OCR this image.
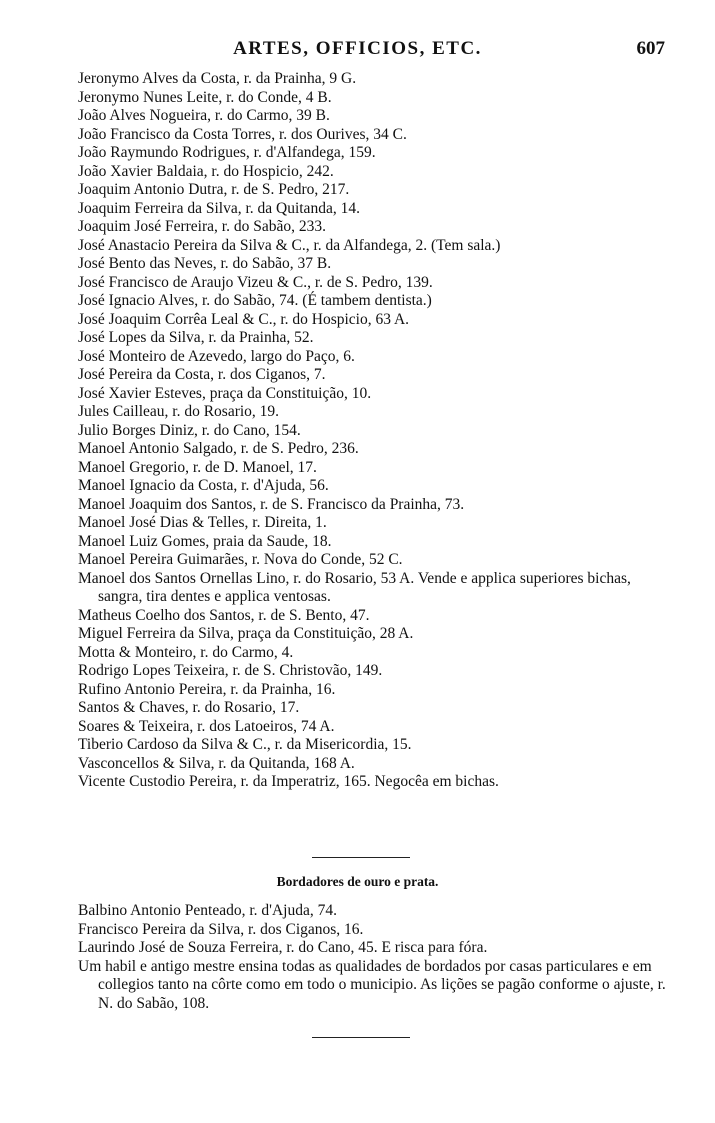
ARTES, OFFICIOS, ETC.	607
Jeronymo Alves da Costa, r. da Prainha, 9 G.
Jeronymo Nunes Leite, r. do Conde, 4 B.
João Alves Nogueira, r. do Carmo, 39 B.
João Francisco da Costa Torres, r. dos Ourives, 34 C.
João Raymundo Rodrigues, r. d'Alfandega, 159.
João Xavier Baldaia, r. do Hospicio, 242.
Joaquim Antonio Dutra, r. de S. Pedro, 217.
Joaquim Ferreira da Silva, r. da Quitanda, 14.
Joaquim José Ferreira, r. do Sabão, 233.
José Anastacio Pereira da Silva & C., r. da Alfandega, 2. (Tem sala.)
José Bento das Neves, r. do Sabão, 37 B.
José Francisco de Araujo Vizeu & C., r. de S. Pedro, 139.
José Ignacio Alves, r. do Sabão, 74. (É tambem dentista.)
José Joaquim Corrêa Leal & C., r. do Hospicio, 63 A.
José Lopes da Silva, r. da Prainha, 52.
José Monteiro de Azevedo, largo do Paço, 6.
José Pereira da Costa, r. dos Ciganos, 7.
José Xavier Esteves, praça da Constituição, 10.
Jules Cailleau, r. do Rosario, 19.
Julio Borges Diniz, r. do Cano, 154.
Manoel Antonio Salgado, r. de S. Pedro, 236.
Manoel Gregorio, r. de D. Manoel, 17.
Manoel Ignacio da Costa, r. d'Ajuda, 56.
Manoel Joaquim dos Santos, r. de S. Francisco da Prainha, 73.
Manoel José Dias & Telles, r. Direita, 1.
Manoel Luiz Gomes, praia da Saude, 18.
Manoel Pereira Guimarães, r. Nova do Conde, 52 C.
Manoel dos Santos Ornellas Lino, r. do Rosario, 53 A. Vende e applica superiores bichas, sangra, tira dentes e applica ventosas.
Matheus Coelho dos Santos, r. de S. Bento, 47.
Miguel Ferreira da Silva, praça da Constituição, 28 A.
Motta & Monteiro, r. do Carmo, 4.
Rodrigo Lopes Teixeira, r. de S. Christovão, 149.
Rufino Antonio Pereira, r. da Prainha, 16.
Santos & Chaves, r. do Rosario, 17.
Soares & Teixeira, r. dos Latoeiros, 74 A.
Tiberio Cardoso da Silva & C., r. da Misericordia, 15.
Vasconcellos & Silva, r. da Quitanda, 168 A.
Vicente Custodio Pereira, r. da Imperatriz, 165. Negocêa em bichas.
Bordadores de ouro e prata.
Balbino Antonio Penteado, r. d'Ajuda, 74.
Francisco Pereira da Silva, r. dos Ciganos, 16.
Laurindo José de Souza Ferreira, r. do Cano, 45. E risca para fóra.
Um habil e antigo mestre ensina todas as qualidades de bordados por casas particulares e em collegios tanto na côrte como em todo o municipio. As lições se pagão conforme o ajuste, r. N. do Sabão, 108.
